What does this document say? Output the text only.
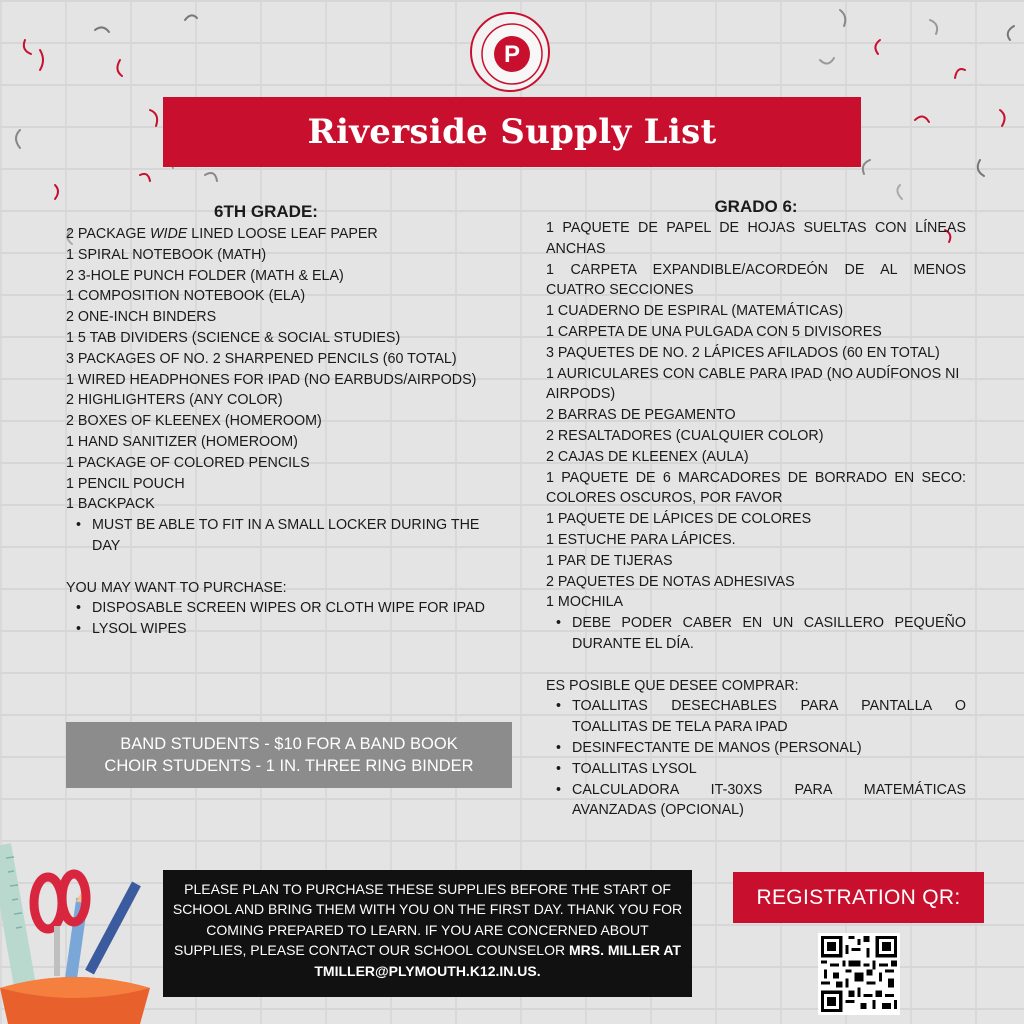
P
Riverside Supply List
6TH GRADE:
2 PACKAGE WIDE LINED LOOSE LEAF PAPER
1 SPIRAL NOTEBOOK (MATH)
2 3-HOLE PUNCH FOLDER (MATH & ELA)
1 COMPOSITION NOTEBOOK (ELA)
2 ONE-INCH BINDERS
1 5 TAB DIVIDERS (SCIENCE & SOCIAL STUDIES)
3 PACKAGES OF NO. 2 SHARPENED PENCILS (60 TOTAL)
1 WIRED HEADPHONES FOR IPAD (NO EARBUDS/AIRPODS)
2 HIGHLIGHTERS (ANY COLOR)
2 BOXES OF KLEENEX (HOMEROOM)
1 HAND SANITIZER (HOMEROOM)
1 PACKAGE OF COLORED PENCILS
1 PENCIL POUCH
1 BACKPACK
• MUST BE ABLE TO FIT IN A SMALL LOCKER DURING THE DAY
YOU MAY WANT TO PURCHASE:
• DISPOSABLE SCREEN WIPES OR CLOTH WIPE FOR IPAD
• LYSOL WIPES
GRADO 6:
1 PAQUETE DE PAPEL DE HOJAS SUELTAS CON LÍNEAS ANCHAS
1 CARPETA EXPANDIBLE/ACORDEÓN DE AL MENOS CUATRO SECCIONES
1 CUADERNO DE ESPIRAL (MATEMÁTICAS)
1 CARPETA DE UNA PULGADA CON 5 DIVISORES
3 PAQUETES DE NO. 2 LÁPICES AFILADOS (60 EN TOTAL)
1 AURICULARES CON CABLE PARA IPAD (NO AUDÍFONOS NI AIRPODS)
2 BARRAS DE PEGAMENTO
2 RESALTADORES (CUALQUIER COLOR)
2 CAJAS DE KLEENEX (AULA)
1 PAQUETE DE 6 MARCADORES DE BORRADO EN SECO: COLORES OSCUROS, POR FAVOR
1 PAQUETE DE LÁPICES DE COLORES
1 ESTUCHE PARA LÁPICES.
1 PAR DE TIJERAS
2 PAQUETES DE NOTAS ADHESIVAS
1 MOCHILA
• DEBE PODER CABER EN UN CASILLERO PEQUEÑO DURANTE EL DÍA.
ES POSIBLE QUE DESEE COMPRAR:
• TOALLITAS DESECHABLES PARA PANTALLA O TOALLITAS DE TELA PARA IPAD
• DESINFECTANTE DE MANOS (PERSONAL)
• TOALLITAS LYSOL
• CALCULADORA IT-30XS PARA MATEMÁTICAS AVANZADAS (OPCIONAL)
BAND STUDENTS - $10 FOR A BAND BOOK
CHOIR STUDENTS - 1 IN. THREE RING BINDER
PLEASE PLAN TO PURCHASE THESE SUPPLIES BEFORE THE START OF SCHOOL AND BRING THEM WITH YOU ON THE FIRST DAY. THANK YOU FOR COMING PREPARED TO LEARN. IF YOU ARE CONCERNED ABOUT SUPPLIES, PLEASE CONTACT OUR SCHOOL COUNSELOR MRS. MILLER AT TMILLER@PLYMOUTH.K12.IN.US.
REGISTRATION QR:
